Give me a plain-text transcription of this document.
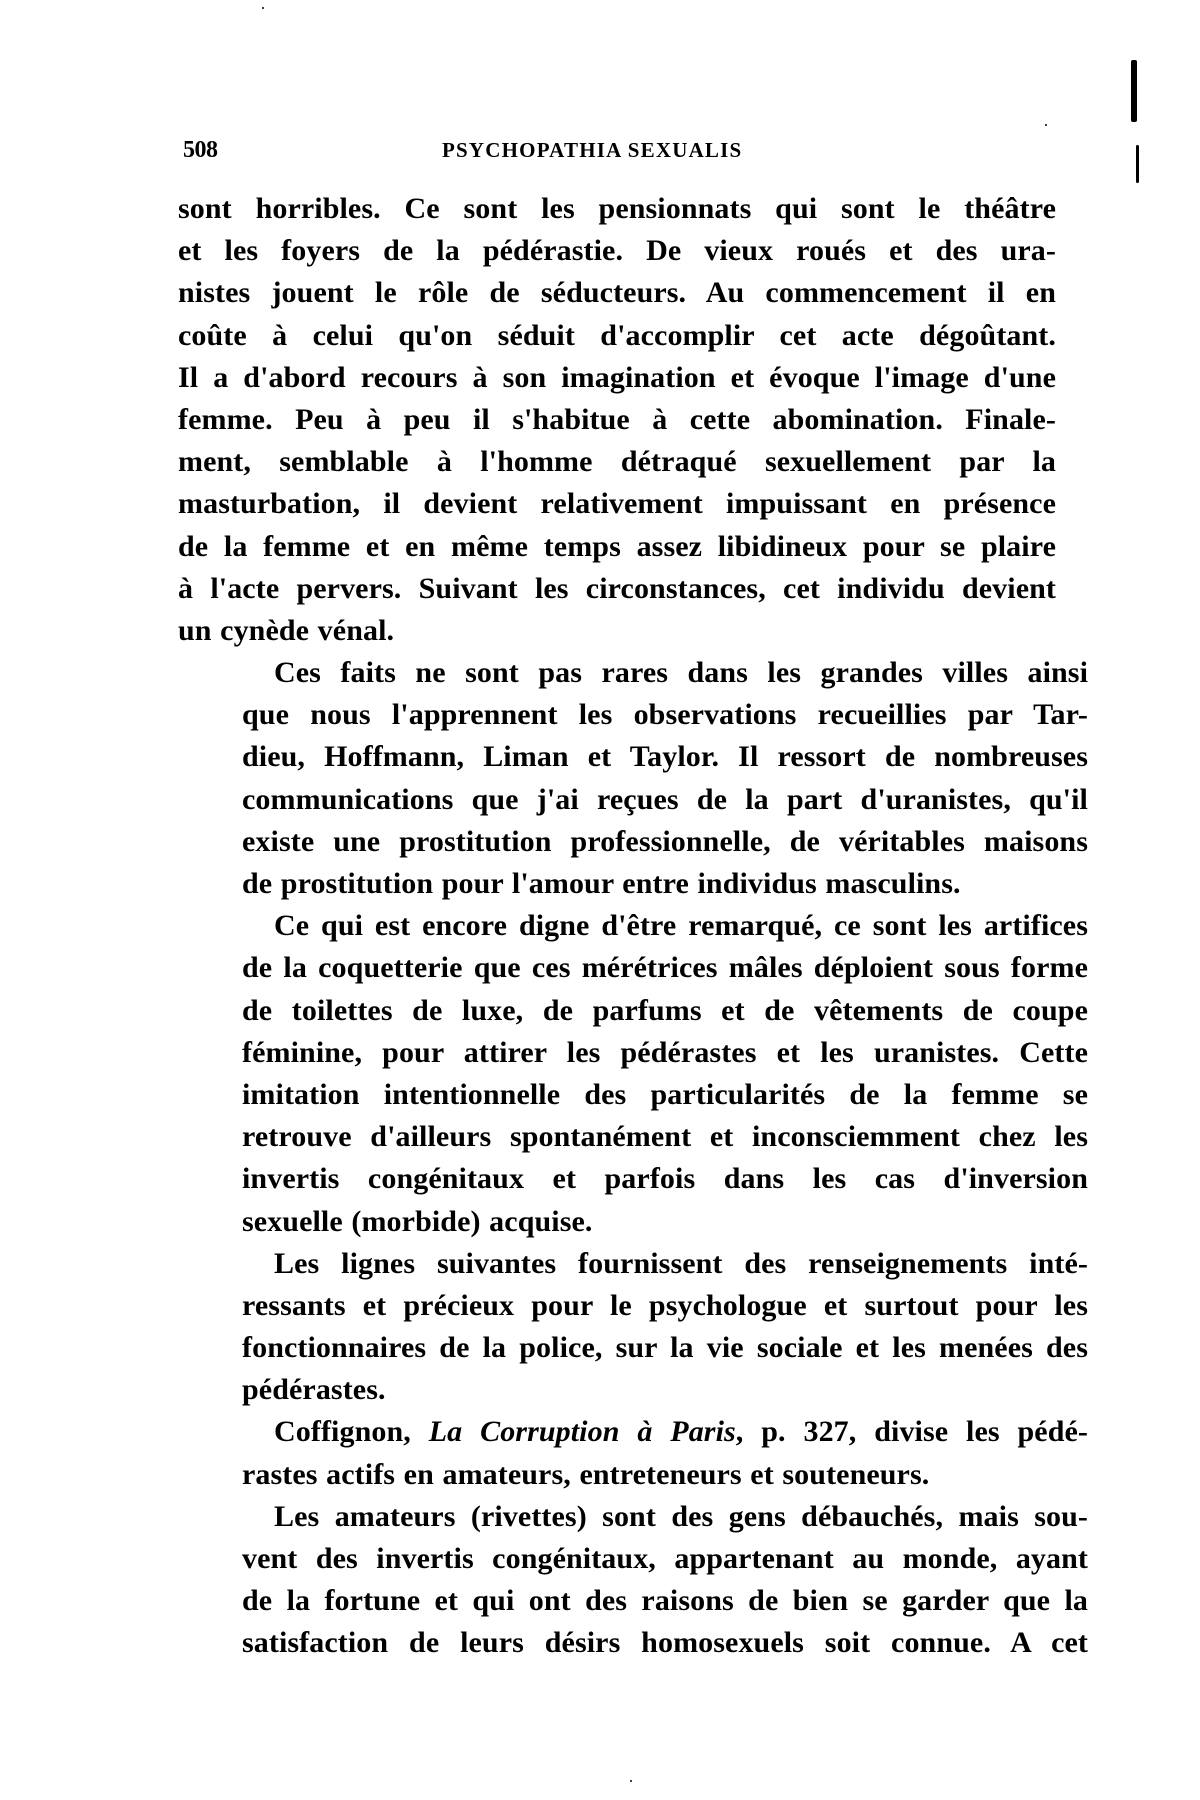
508	PSYCHOPATHIA SEXUALIS
sont horribles. Ce sont les pensionnats qui sont le théâtre
et les foyers de la pédérastie. De vieux roués et des ura-
nistes jouent le rôle de séducteurs. Au commencement il en
coûte à celui qu'on séduit d'accomplir cet acte dégoûtant.
Il a d'abord recours à son imagination et évoque l'image d'une
femme. Peu à peu il s'habitue à cette abomination. Finale-
ment, semblable à l'homme détraqué sexuellement par la
masturbation, il devient relativement impuissant en présence
de la femme et en même temps assez libidineux pour se plaire
à l'acte pervers. Suivant les circonstances, cet individu devient
un cynède vénal.
Ces faits ne sont pas rares dans les grandes villes ainsi
que nous l'apprennent les observations recueillies par Tar-
dieu, Hoffmann, Liman et Taylor. Il ressort de nombreuses
communications que j'ai reçues de la part d'uranistes, qu'il
existe une prostitution professionnelle, de véritables maisons
de prostitution pour l'amour entre individus masculins.
Ce qui est encore digne d'être remarqué, ce sont les artifices
de la coquetterie que ces mérétrices mâles déploient sous forme
de toilettes de luxe, de parfums et de vêtements de coupe
féminine, pour attirer les pédérastes et les uranistes. Cette
imitation intentionnelle des particularités de la femme se
retrouve d'ailleurs spontanément et inconsciemment chez les
invertis congénitaux et parfois dans les cas d'inversion
sexuelle (morbide) acquise.
Les lignes suivantes fournissent des renseignements inté-
ressants et précieux pour le psychologue et surtout pour les
fonctionnaires de la police, sur la vie sociale et les menées des
pédérastes.
Coffignon, La Corruption à Paris, p. 327, divise les pédé-
rastes actifs en amateurs, entreteneurs et souteneurs.
Les amateurs (rivettes) sont des gens débauchés, mais sou-
vent des invertis congénitaux, appartenant au monde, ayant
de la fortune et qui ont des raisons de bien se garder que la
satisfaction de leurs désirs homosexuels soit connue. A cet
